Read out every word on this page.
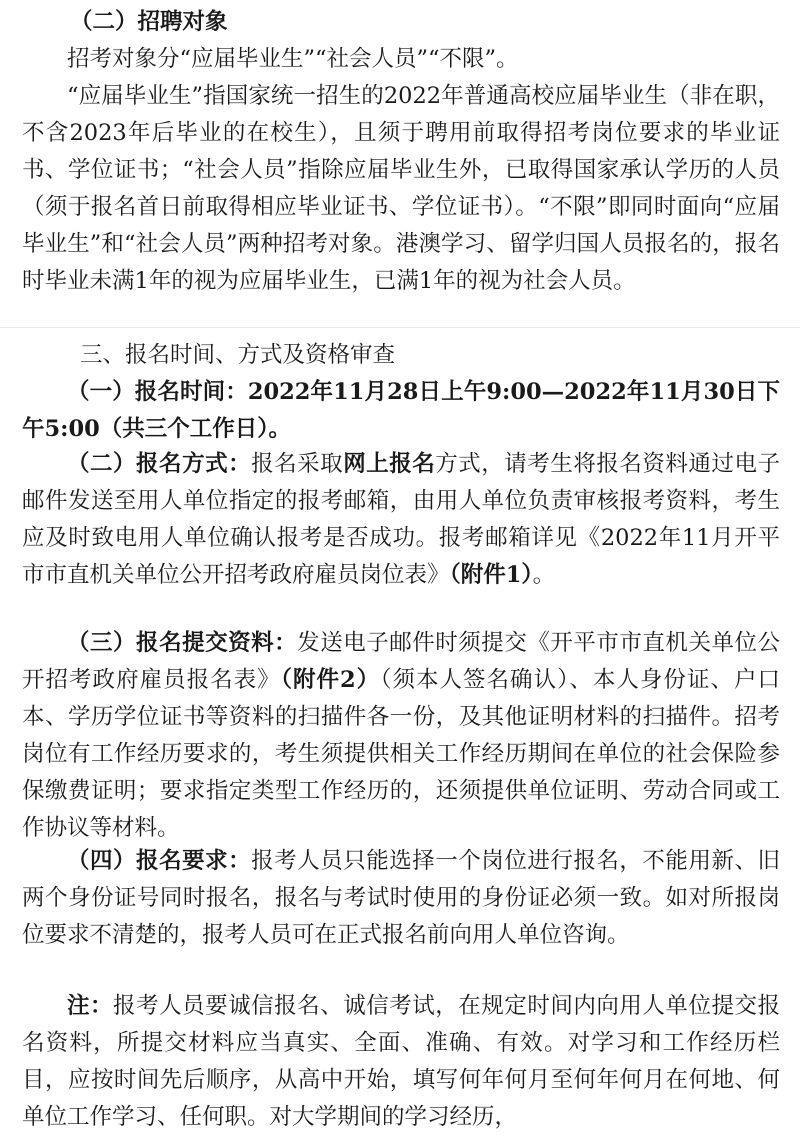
（二）招聘对象

招考对象分“应届毕业生”“社会人员”“不限”。

“应届毕业生”指国家统一招生的2022年普通高校应届毕业生（非在职，不含2023年后毕业的在校生），且须于聘用前取得招考岗位要求的毕业证书、学位证书；“社会人员”指除应届毕业生外，已取得国家承认学历的人员（须于报名首日前取得相应毕业证书、学位证书）。“不限”即同时面向“应届毕业生”和“社会人员”两种招考对象。港澳学习、留学归国人员报名的，报名时毕业未满1年的视为应届毕业生，已满1年的视为社会人员。

三、报名时间、方式及资格审查

（一）报名时间：2022年11月28日上午9:00—2022年11月30日下午5:00（共三个工作日）。

（二）报名方式：报名采取网上报名方式，请考生将报名资料通过电子邮件发送至用人单位指定的报考邮箱，由用人单位负责审核报考资料，考生应及时致电用人单位确认报考是否成功。报考邮箱详见《2022年11月开平市市直机关单位公开招考政府雇员岗位表》（附件1）。

（三）报名提交资料：发送电子邮件时须提交《开平市市直机关单位公开招考政府雇员报名表》（附件2）（须本人签名确认）、本人身份证、户口本、学历学位证书等资料的扫描件各一份，及其他证明材料的扫描件。招考岗位有工作经历要求的，考生须提供相关工作经历期间在单位的社会保险参保缴费证明；要求指定类型工作经历的，还须提供单位证明、劳动合同或工作协议等材料。

（四）报名要求：报考人员只能选择一个岗位进行报名，不能用新、旧两个身份证号同时报名，报名与考试时使用的身份证必须一致。如对所报岗位要求不清楚的，报考人员可在正式报名前向用人单位咨询。

注：报考人员要诚信报名、诚信考试，在规定时间内向用人单位提交报名资料，所提交材料应当真实、全面、准确、有效。对学习和工作经历栏目，应按时间先后顺序，从高中开始，填写何年何月至何年何月在何地、何单位工作学习、任何职。对大学期间的学习经历，
